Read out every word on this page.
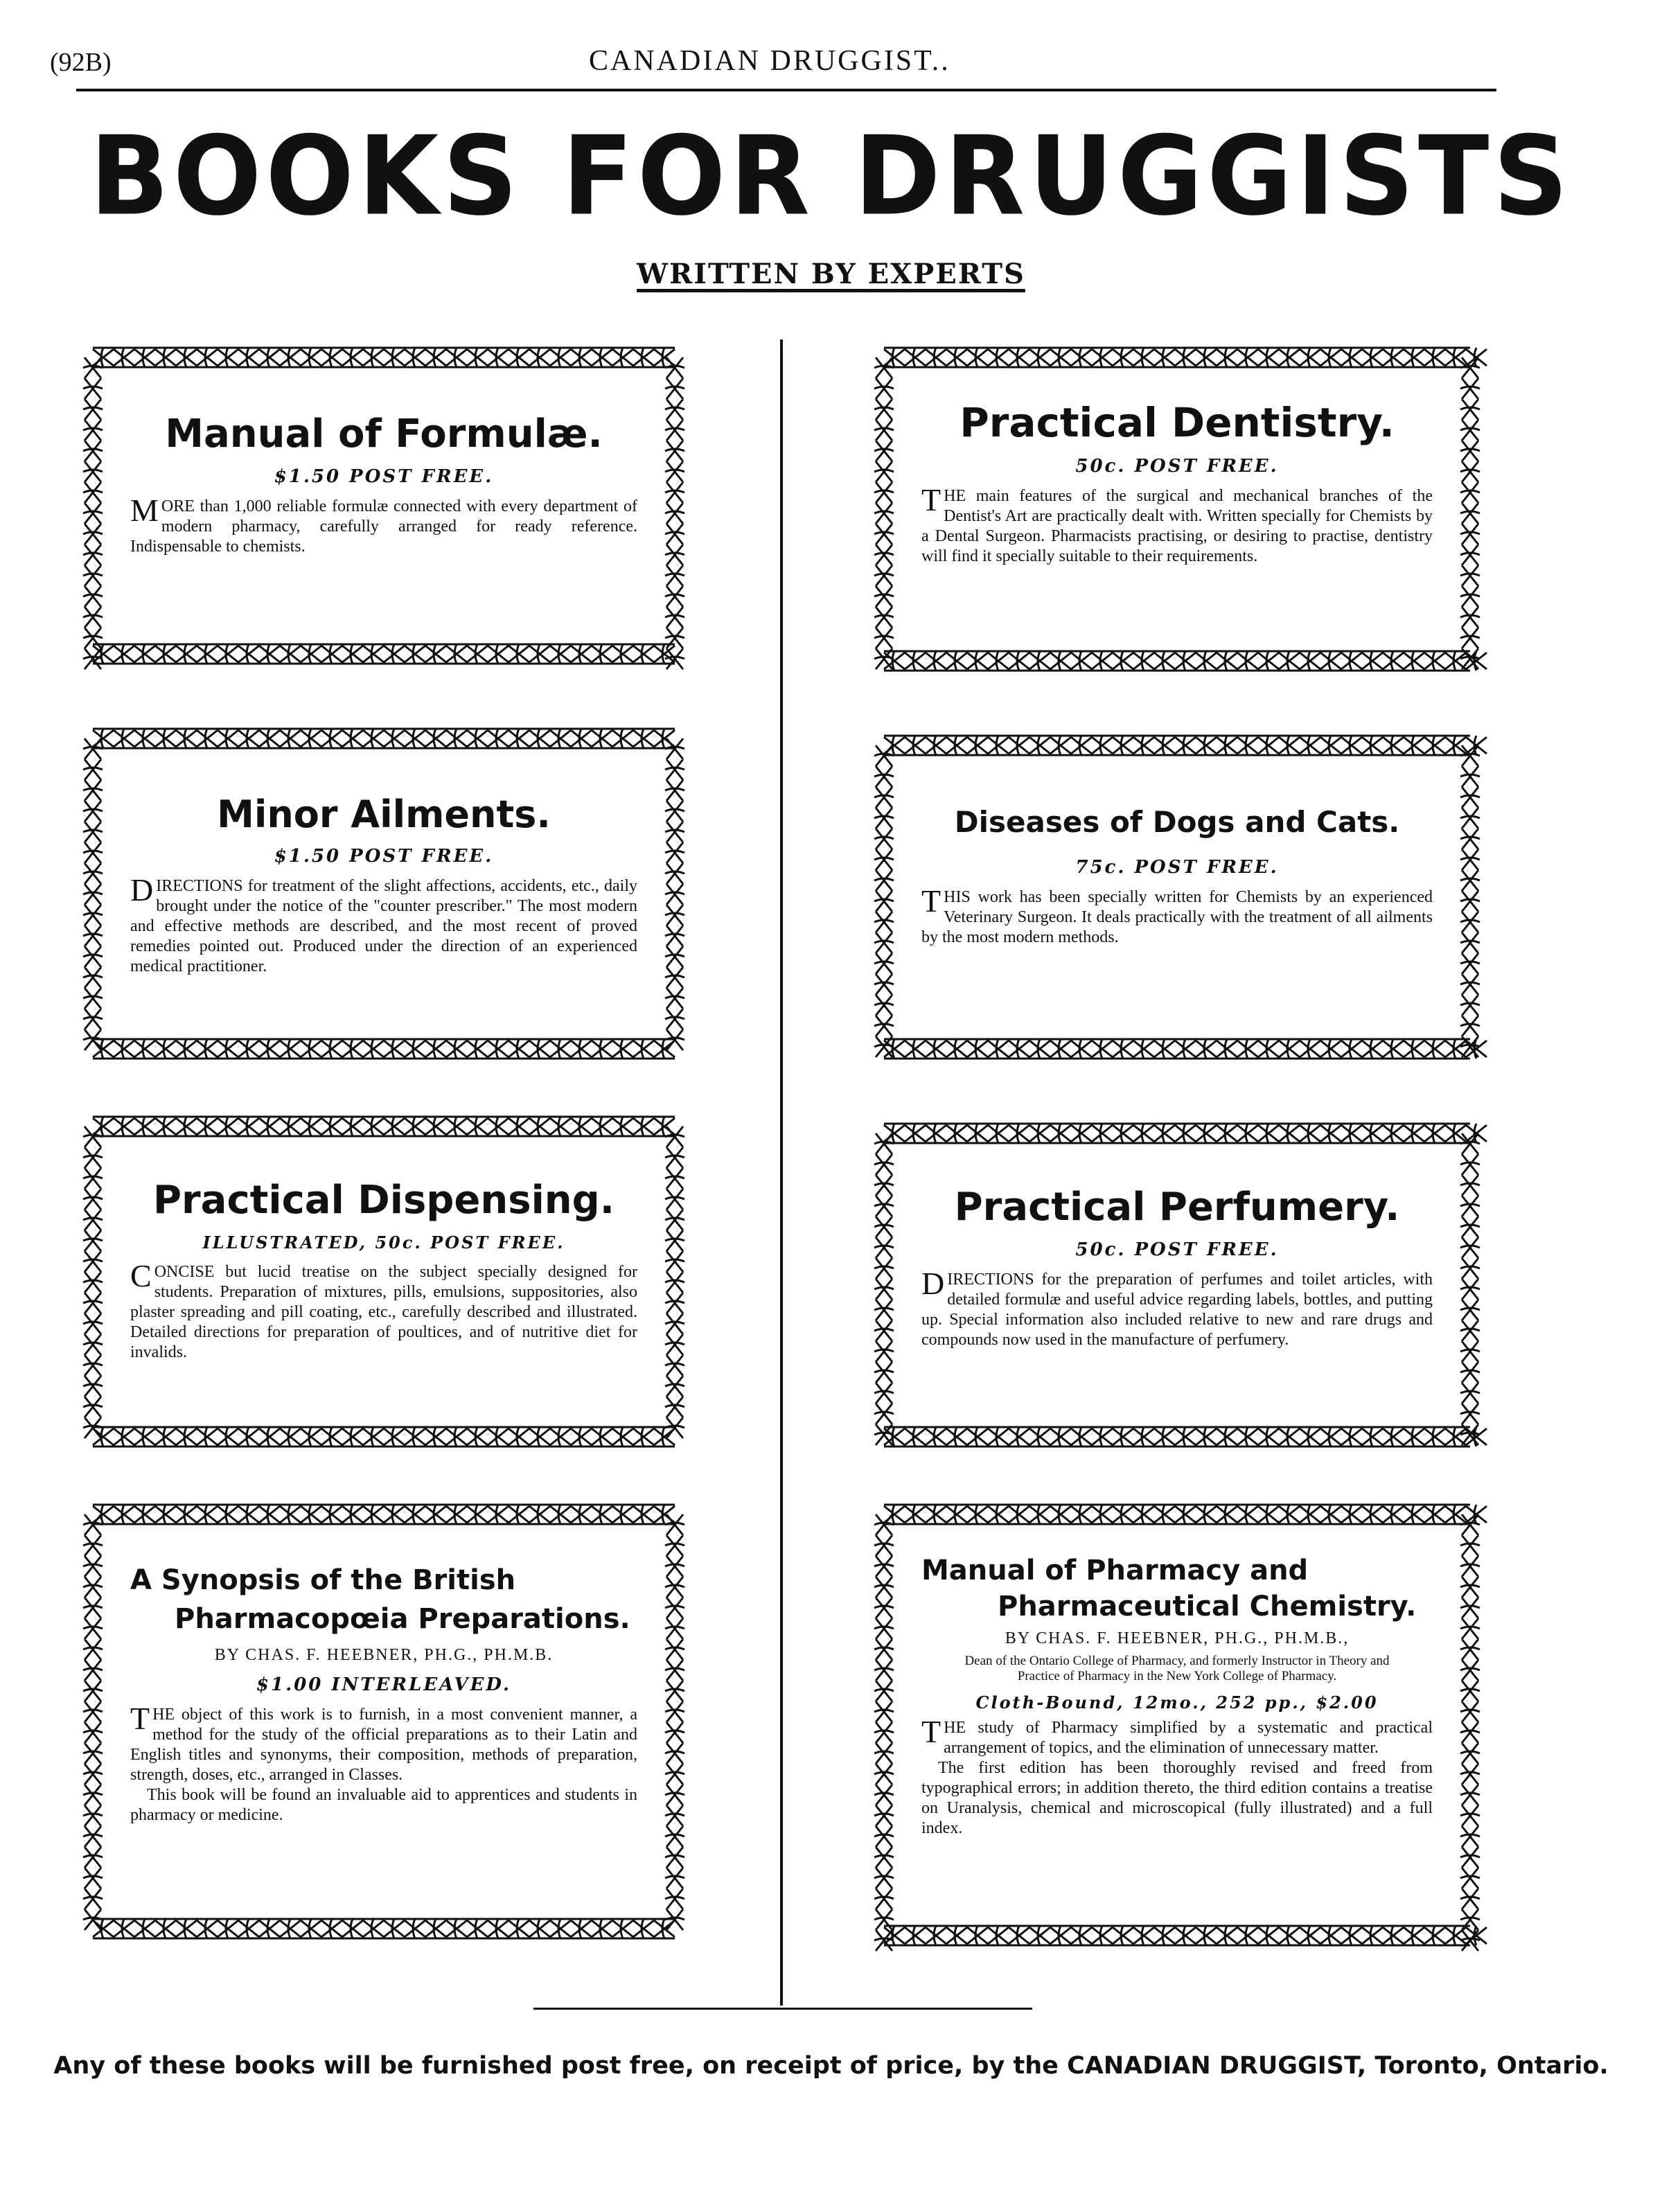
(92B)	CANADIAN DRUGGIST..
BOOKS FOR DRUGGISTS
WRITTEN BY EXPERTS
Manual of Formulæ.
$1.50 POST FREE.

MORE than 1,000 reliable formulæ connected with every department of modern pharmacy, carefully arranged for ready reference. Indispensable to chemists.

Practical Dentistry.
50c. POST FREE.

THE main features of the surgical and mechanical branches of the Dentist's Art are practically dealt with. Written specially for Chemists by a Dental Surgeon. Pharmacists practising, or desiring to practise, dentistry will find it specially suitable to their requirements.

Minor Ailments.
$1.50 POST FREE.

DIRECTIONS for treatment of the slight affections, accidents, etc., daily brought under the notice of the "counter prescriber." The most modern and effective methods are described, and the most recent of proved remedies pointed out. Produced under the direction of an experienced medical practitioner.

Diseases of Dogs and Cats.
75c. POST FREE.

THIS work has been specially written for Chemists by an experienced Veterinary Surgeon. It deals practically with the treatment of all ailments by the most modern methods.

Practical Dispensing.
ILLUSTRATED, 50c. POST FREE.

CONCISE but lucid treatise on the subject specially designed for students. Preparation of mixtures, pills, emulsions, suppositories, also plaster spreading and pill coating, etc., carefully described and illustrated. Detailed directions for preparation of poultices, and of nutritive diet for invalids.

Practical Perfumery.
50c. POST FREE.

DIRECTIONS for the preparation of perfumes and toilet articles, with detailed formulæ and useful advice regarding labels, bottles, and putting up. Special information also included relative to new and rare drugs and compounds now used in the manufacture of perfumery.

A Synopsis of the British
Pharmacopœia Preparations.
BY CHAS. F. HEEBNER, PH.G., PH.M.B.
$1.00 INTERLEAVED.

THE object of this work is to furnish, in a most convenient manner, a method for the study of the official preparations as to their Latin and English titles and synonyms, their composition, methods of preparation, strength, doses, etc., arranged in Classes.

This book will be found an invaluable aid to apprentices and students in pharmacy or medicine.

Manual of Pharmacy and
Pharmaceutical Chemistry.
BY CHAS. F. HEEBNER, PH.G., PH.M.B.,
Dean of the Ontario College of Pharmacy, and formerly Instructor in Theory and Practice of Pharmacy in the New York College of Pharmacy.
Cloth-Bound, 12mo., 252 pp., $2.00

THE study of Pharmacy simplified by a systematic and practical arrangement of topics, and the elimination of unnecessary matter.

The first edition has been thoroughly revised and freed from typographical errors; in addition thereto, the third edition contains a treatise on Uranalysis, chemical and microscopical (fully illustrated) and a full index.

Any of these books will be furnished post free, on receipt of price, by the CANADIAN DRUGGIST, Toronto, Ontario.
